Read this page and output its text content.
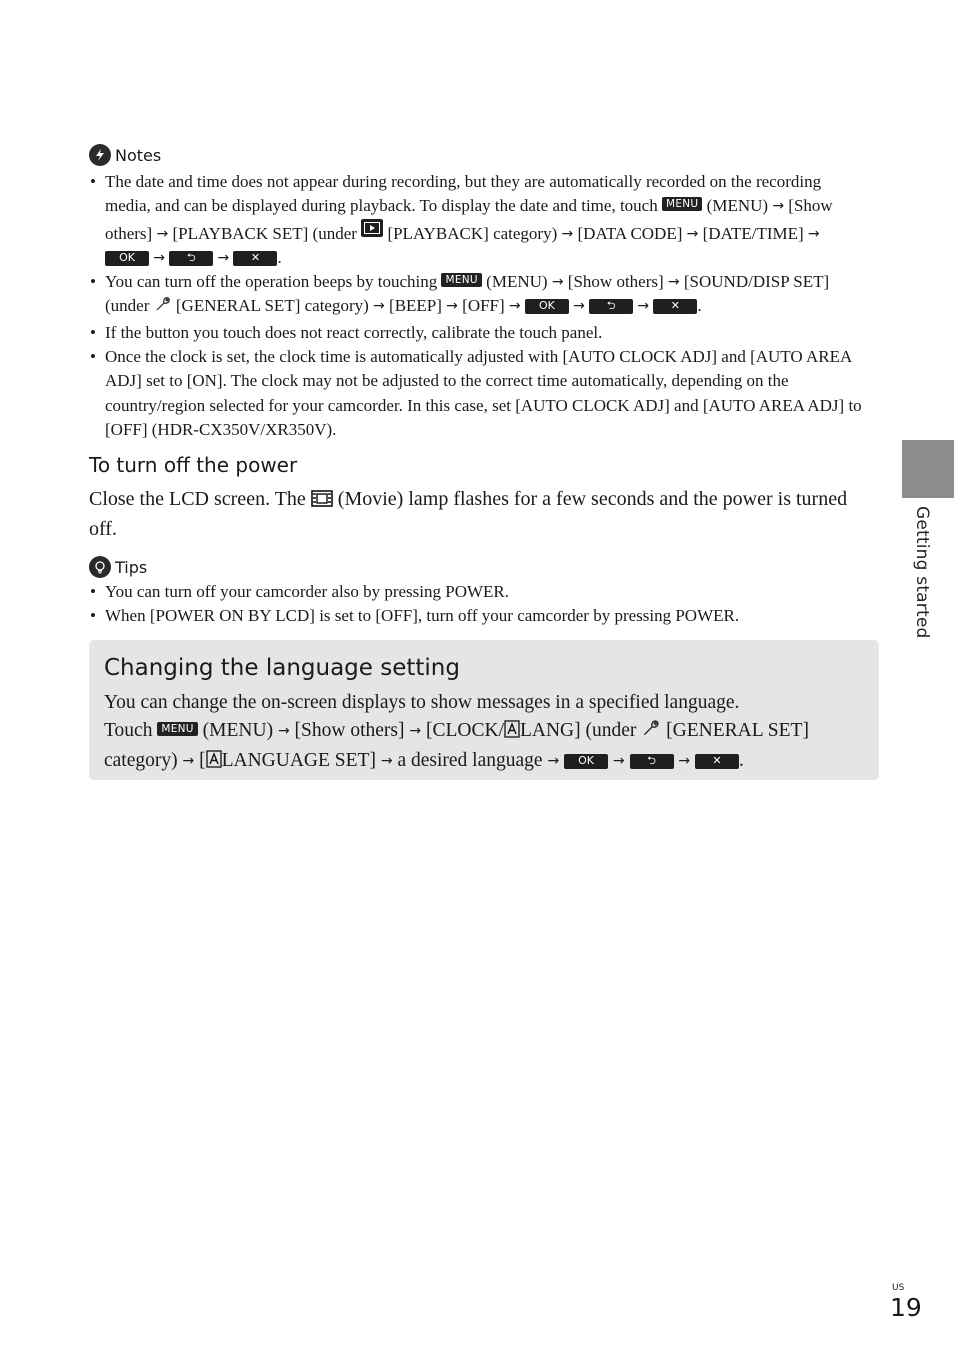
Getting started
Notes
• The date and time does not appear during recording, but they are automatically recorded on the recording media, and can be displayed during playback. To display the date and time, touch MENU (MENU) → [Show others] → [PLAYBACK SET] (under [PLAYBACK] category) → [DATA CODE] → [DATE/TIME] → OK → ⮌ → ✕ .
• You can turn off the operation beeps by touching MENU (MENU) → [Show others] → [SOUND/DISP SET] (under [GENERAL SET] category) → [BEEP] → [OFF] → OK → ⮌ → ✕ .
• If the button you touch does not react correctly, calibrate the touch panel.
• Once the clock is set, the clock time is automatically adjusted with [AUTO CLOCK ADJ] and [AUTO AREA ADJ] set to [ON]. The clock may not be adjusted to the correct time automatically, depending on the country/region selected for your camcorder. In this case, set [AUTO CLOCK ADJ] and [AUTO AREA ADJ] to [OFF] (HDR-CX350V/XR350V).
To turn off the power

Close the LCD screen. The (Movie) lamp flashes for a few seconds and the power is turned off.

Tips
• You can turn off your camcorder also by pressing POWER.
• When [POWER ON BY LCD] is set to [OFF], turn off your camcorder by pressing POWER.
Changing the language setting

You can change the on-screen displays to show messages in a specified language.
Touch MENU (MENU) → [Show others] → [CLOCK/ LANG] (under [GENERAL SET] category) → [ LANGUAGE SET] → a desired language → OK → ⮌ → ✕ .

US
19
